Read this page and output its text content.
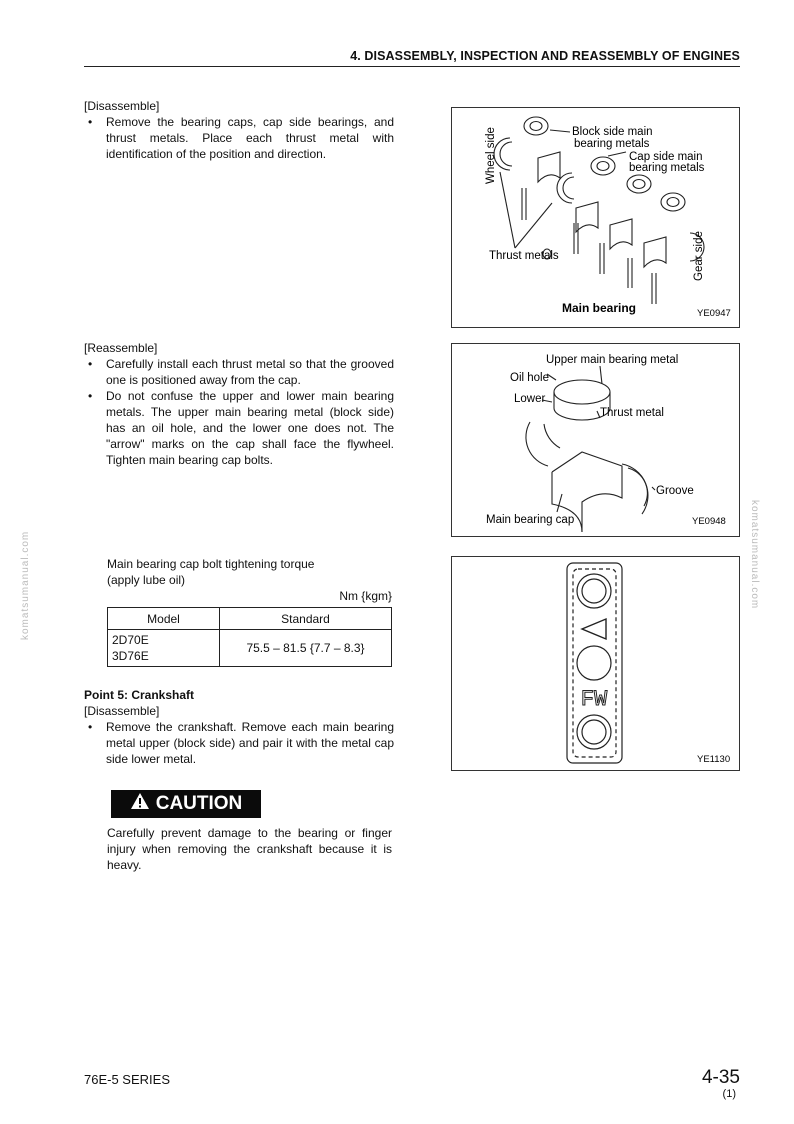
4. DISASSEMBLY, INSPECTION AND REASSEMBLY OF ENGINES
[Disassemble]
• Remove the bearing caps, cap side bearings, and thrust metals. Place each thrust metal with identification of the position and direction.
[Reassemble]
• Carefully install each thrust metal so that the grooved one is positioned away from the cap.
• Do not confuse the upper and lower main bearing metals. The upper main bearing metal (block side) has an oil hole, and the lower one does not. The "arrow" marks on the cap shall face the flywheel. Tighten main bearing cap bolts.
Main bearing cap bolt tightening torque
(apply lube oil)
Nm {kgm}
Model	Standard

2D70E
3D76E	75.5 – 81.5 {7.7 – 8.3}
Point 5: Crankshaft
[Disassemble]
• Remove the crankshaft. Remove each main bearing metal upper (block side) and pair it with the metal cap side lower metal.
CAUTION
Carefully prevent damage to the bearing or finger injury when removing the crankshaft because it is heavy.
Wheel side	Block side main
bearing metals
Cap side main
bearing metals
Thrust metals	Gear side
Main bearing	YE0947
Upper main bearing metal
Oil hole
Lower
Thrust metal
Groove
Main bearing cap	YE0948
FW
YE1130
komatsumanual.com	komatsumanual.com
76E-5 SERIES	4-35
(1)
